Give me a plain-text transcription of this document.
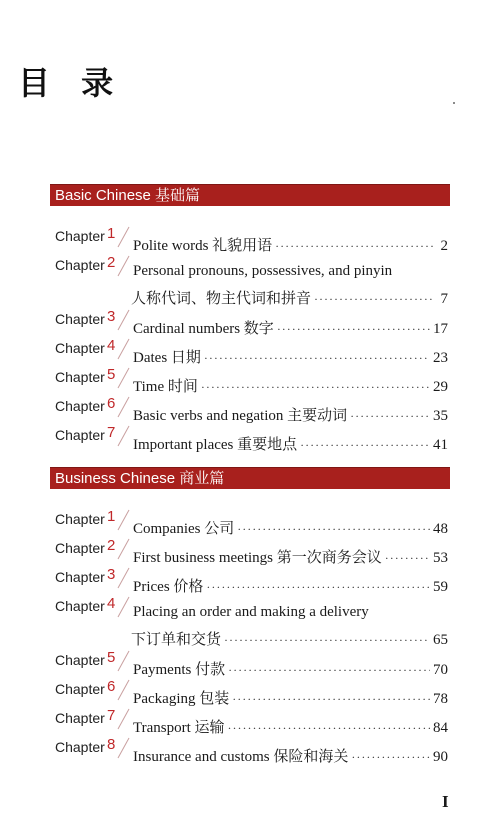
目 录
Basic Chinese 基础篇
Chapter 1
Polite words 礼貌用语 ·····	2
Chapter 2 Personal pronouns, possessives, and pinyin
人称代词、物主代词和拼音 ·····	7
Chapter 3
Cardinal numbers 数字 ·····	17
Chapter 4
Dates 日期 ·····	23
Chapter 5
Time 时间 ·····	29
Chapter 6
Basic verbs and negation 主要动词 ·····	35
Chapter 7
Important places 重要地点 ·····	41
Business Chinese 商业篇
Chapter 1
Companies 公司 ·····	48
Chapter 2
First business meetings 第一次商务会议 ·····	53
Chapter 3
Prices 价格 ·····	59
Chapter 4 Placing an order and making a delivery
下订单和交货 ·····	65
Chapter 5
Payments 付款 ·····	70
Chapter 6
Packaging 包装 ·····	78
Chapter 7
Transport 运输 ·····	84
Chapter 8
Insurance and customs 保险和海关 ·····	90
I
